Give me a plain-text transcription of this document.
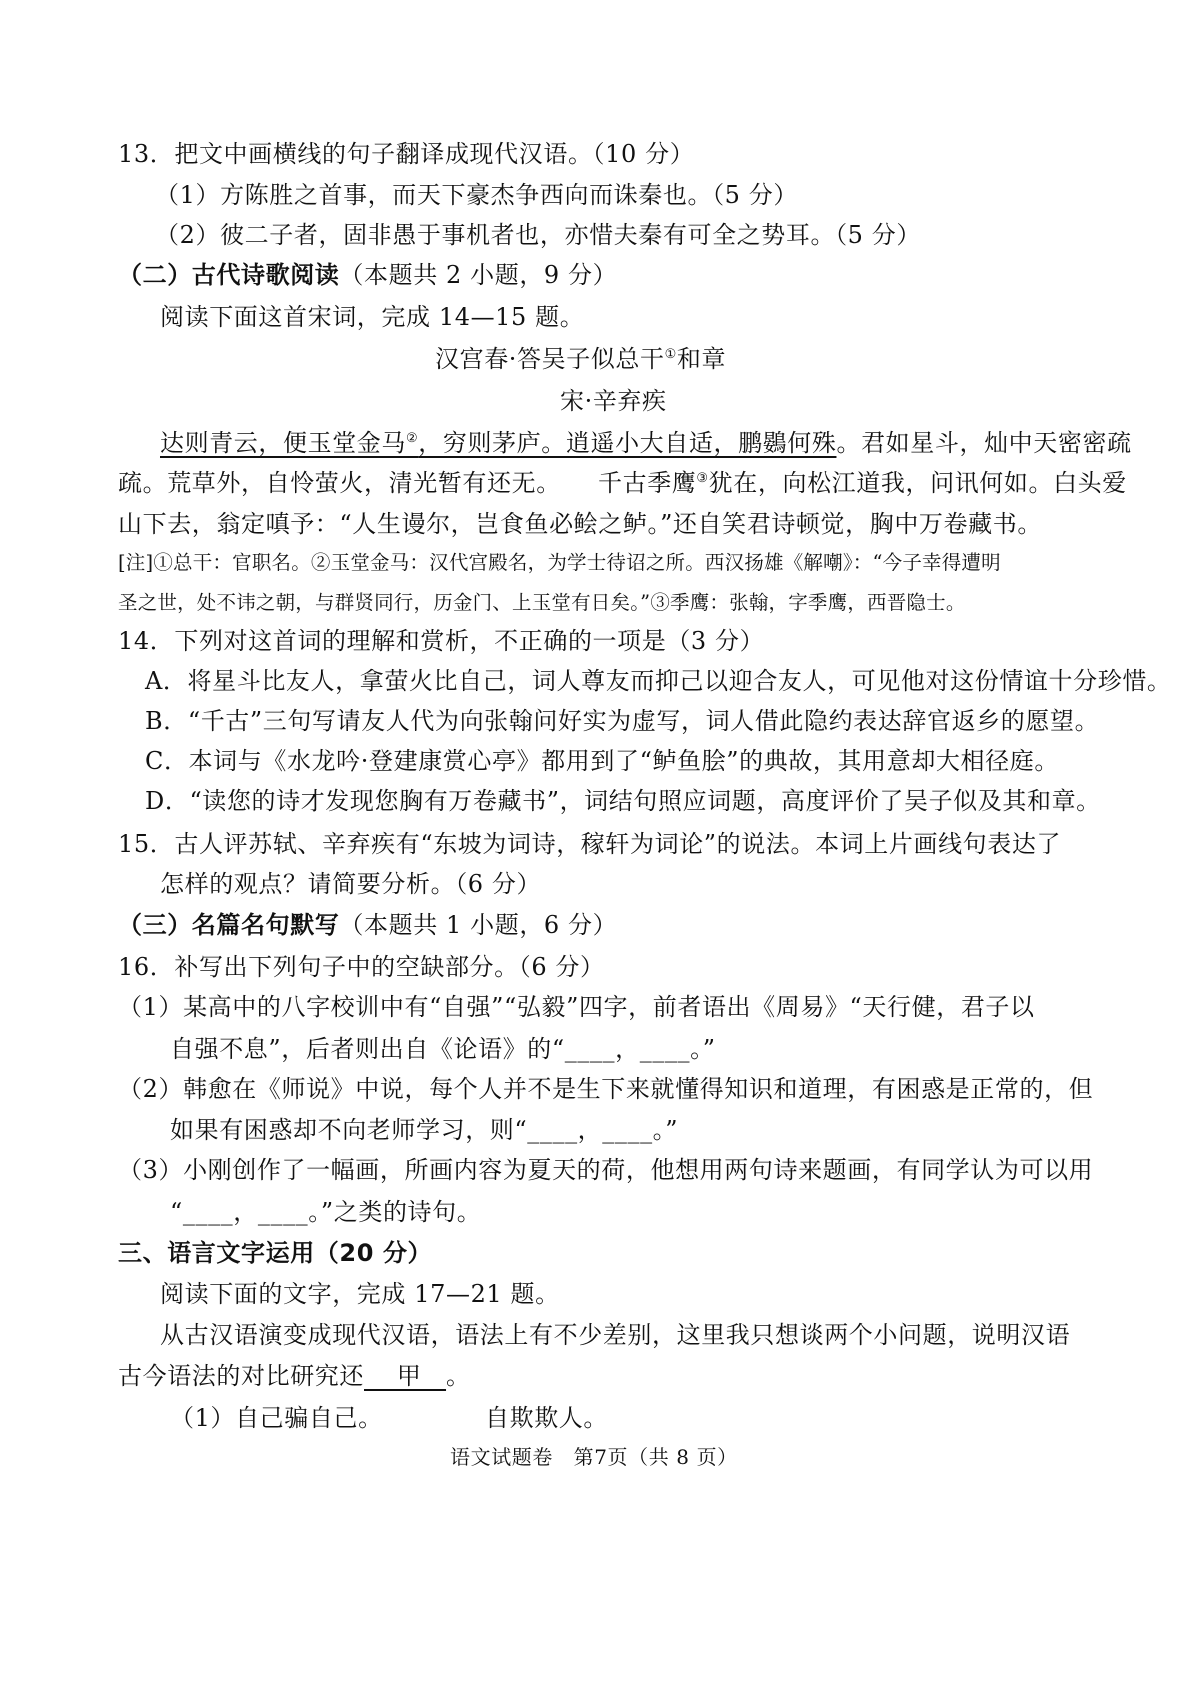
13．把文中画横线的句子翻译成现代汉语。（10 分）
（1）方陈胜之首事，而天下豪杰争西向而诛秦也。（5 分）
（2）彼二子者，固非愚于事机者也，亦惜夫秦有可全之势耳。（5 分）
（二）古代诗歌阅读（本题共 2 小题，9 分）
阅读下面这首宋词，完成 14—15 题。
汉宫春·答吴子似总干①和章
宋·辛弃疾
达则青云，便玉堂金马②，穷则茅庐。逍遥小大自适，鹏鷃何殊。君如星斗，灿中天密密疏
疏。荒草外，自怜萤火，清光暂有还无。　　千古季鹰③犹在，向松江道我，问讯何如。白头爱
山下去，翁定嗔予：“人生谩尔，岂食鱼必鲙之鲈。”还自笑君诗顿觉，胸中万卷藏书。
[注]①总干：官职名。②玉堂金马：汉代宫殿名，为学士待诏之所。西汉扬雄《解嘲》：“今子幸得遭明
圣之世，处不讳之朝，与群贤同行，历金门、上玉堂有日矣。”③季鹰：张翰，字季鹰，西晋隐士。
14．下列对这首词的理解和赏析，不正确的一项是（3 分）
A．将星斗比友人，拿萤火比自己，词人尊友而抑己以迎合友人，可见他对这份情谊十分珍惜。
B．“千古”三句写请友人代为向张翰问好实为虚写，词人借此隐约表达辞官返乡的愿望。
C．本词与《水龙吟·登建康赏心亭》都用到了“鲈鱼脍”的典故，其用意却大相径庭。
D．“读您的诗才发现您胸有万卷藏书”，词结句照应词题，高度评价了吴子似及其和章。
15．古人评苏轼、辛弃疾有“东坡为词诗，稼轩为词论”的说法。本词上片画线句表达了
怎样的观点？请简要分析。（6 分）
（三）名篇名句默写（本题共 1 小题，6 分）
16．补写出下列句子中的空缺部分。（6 分）
（1）某高中的八字校训中有“自强”“弘毅”四字，前者语出《周易》“天行健，君子以
自强不息”，后者则出自《论语》的“____，____。”
（2）韩愈在《师说》中说，每个人并不是生下来就懂得知识和道理，有困惑是正常的，但
如果有困惑却不向老师学习，则“____，____。”
（3）小刚创作了一幅画，所画内容为夏天的荷，他想用两句诗来题画，有同学认为可以用
“____，____。”之类的诗句。
三、语言文字运用（20 分）
阅读下面的文字，完成 17—21 题。
从古汉语演变成现代汉语，语法上有不少差别，这里我只想谈两个小问题，说明汉语
古今语法的对比研究还　 甲　。
（1）自己骗自己。	自欺欺人。
语文试题卷　第7页（共 8 页）
